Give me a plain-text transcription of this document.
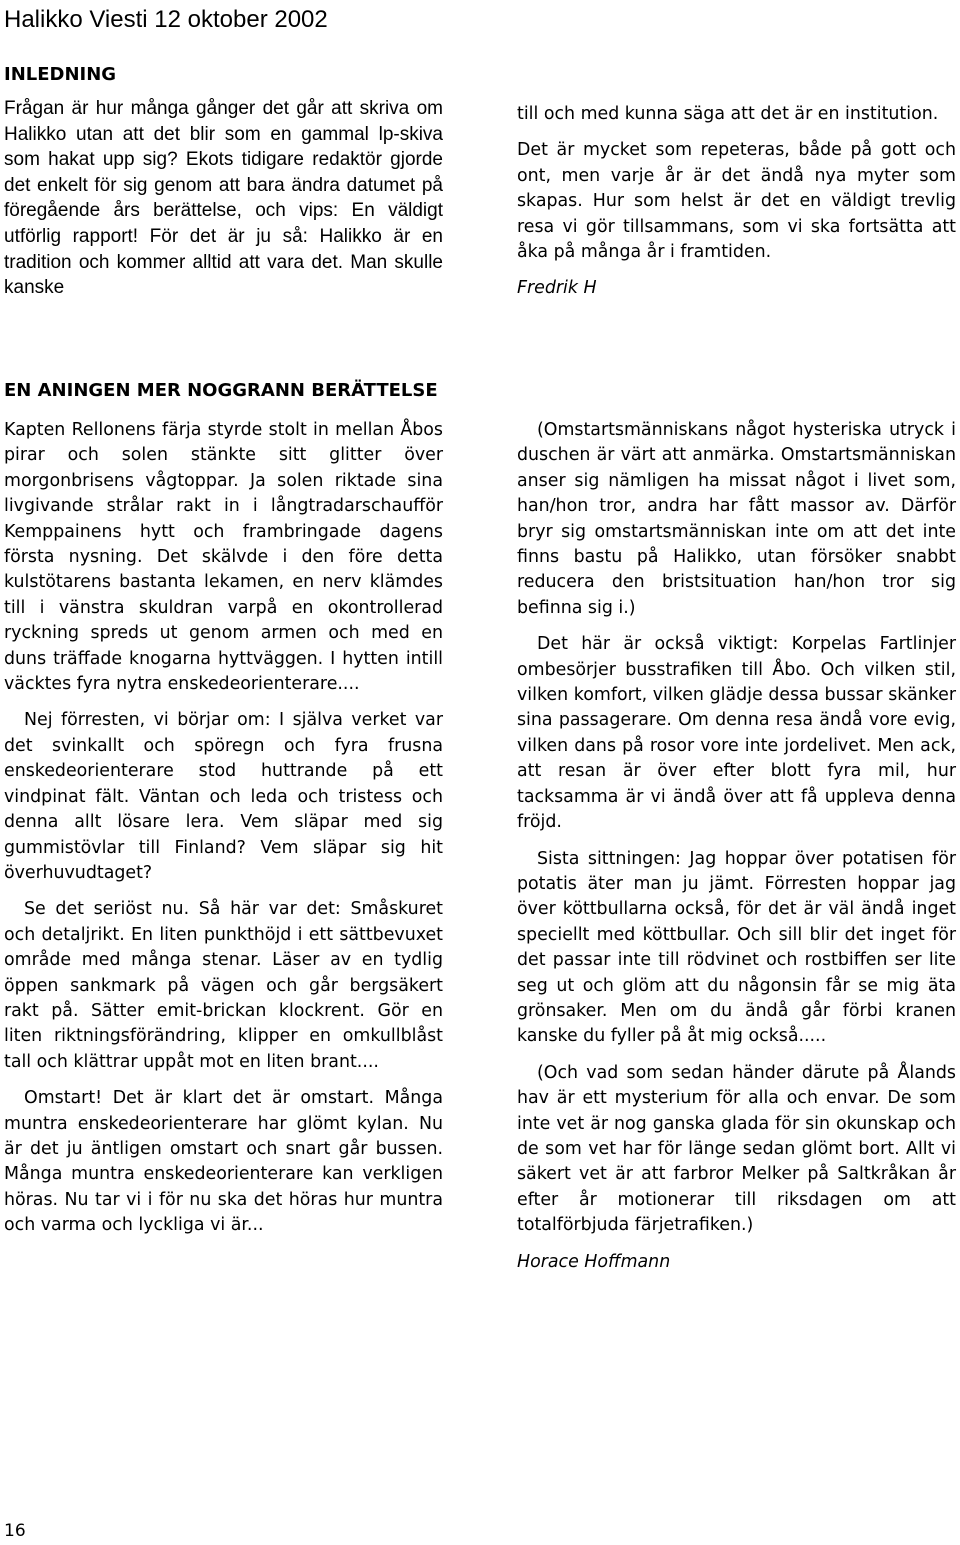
Halikko Viesti 12 oktober 2002
INLEDNING

Frågan är hur många gånger det går att skriva om Halikko utan att det blir som en gammal lp-skiva som hakat upp sig? Ekots tidigare redaktör gjorde det enkelt för sig genom att bara ändra datumet på föregående års berättelse, och vips: En väldigt utförlig rapport! För det är ju så: Halikko är en tradition och kommer alltid att vara det. Man skulle kanske

till och med kunna säga att det är en institution.

Det är mycket som repeteras, både på gott och ont, men varje år är det ändå nya myter som skapas. Hur som helst är det en väldigt trevlig resa vi gör tillsammans, som vi ska fortsätta att åka på många år i framtiden.

Fredrik H

EN ANINGEN MER NOGGRANN BERÄTTELSE

Kapten Rellonens färja styrde stolt in mellan Åbos pirar och solen stänkte sitt glitter över morgonbrisens vågtoppar. Ja solen riktade sina livgivande strålar rakt in i långtradarschaufför Kemppainens hytt och frambringade dagens första nysning. Det skälvde i den före detta kulstötarens bastanta lekamen, en nerv klämdes till i vänstra skuldran varpå en okontrollerad ryckning spreds ut genom armen och med en duns träffade knogarna hyttväggen. I hytten intill väcktes fyra nytra enskedeorienterare....

Nej förresten, vi börjar om: I själva verket var det svinkallt och spöregn och fyra frusna enskedeorienterare stod huttrande på ett vindpinat fält. Väntan och leda och tristess och denna allt lösare lera. Vem släpar med sig gummistövlar till Finland? Vem släpar sig hit överhuvudtaget?

Se det seriöst nu. Så här var det: Småskuret och detaljrikt. En liten punkthöjd i ett sättbevuxet område med många stenar. Läser av en tydlig öppen sankmark på vägen och går bergsäkert rakt på. Sätter emit-brickan klockrent. Gör en liten riktningsförändring, klipper en omkullblåst tall och klättrar uppåt mot en liten brant....

Omstart! Det är klart det är omstart. Många muntra enskedeorienterare har glömt kylan. Nu är det ju äntligen omstart och snart går bussen. Många muntra enskedeorienterare kan verkligen höras. Nu tar vi i för nu ska det höras hur muntra och varma och lyckliga vi är...

(Omstartsmänniskans något hysteriska utryck i duschen är värt att anmärka. Omstartsmänniskan anser sig nämligen ha missat något i livet som, han/hon tror, andra har fått massor av. Därför bryr sig omstartsmänniskan inte om att det inte finns bastu på Halikko, utan försöker snabbt reducera den bristsituation han/hon tror sig befinna sig i.)

Det här är också viktigt: Korpelas Fartlinjer ombesörjer busstrafiken till Åbo. Och vilken stil, vilken komfort, vilken glädje dessa bussar skänker sina passagerare. Om denna resa ändå vore evig, vilken dans på rosor vore inte jordelivet. Men ack, att resan är över efter blott fyra mil, hur tacksamma är vi ändå över att få uppleva denna fröjd.

Sista sittningen: Jag hoppar över potatisen för potatis äter man ju jämt. Förresten hoppar jag över köttbullarna också, för det är väl ändå inget speciellt med köttbullar. Och sill blir det inget för det passar inte till rödvinet och rostbiffen ser lite seg ut och glöm att du någonsin får se mig äta grönsaker. Men om du ändå går förbi kranen kanske du fyller på åt mig också.....

(Och vad som sedan händer därute på Ålands hav är ett mysterium för alla och envar. De som inte vet är nog ganska glada för sin okunskap och de som vet har för länge sedan glömt bort. Allt vi säkert vet är att farbror Melker på Saltkråkan år efter år motionerar till riksdagen om att totalförbjuda färjetrafiken.)

Horace Hoffmann

16
